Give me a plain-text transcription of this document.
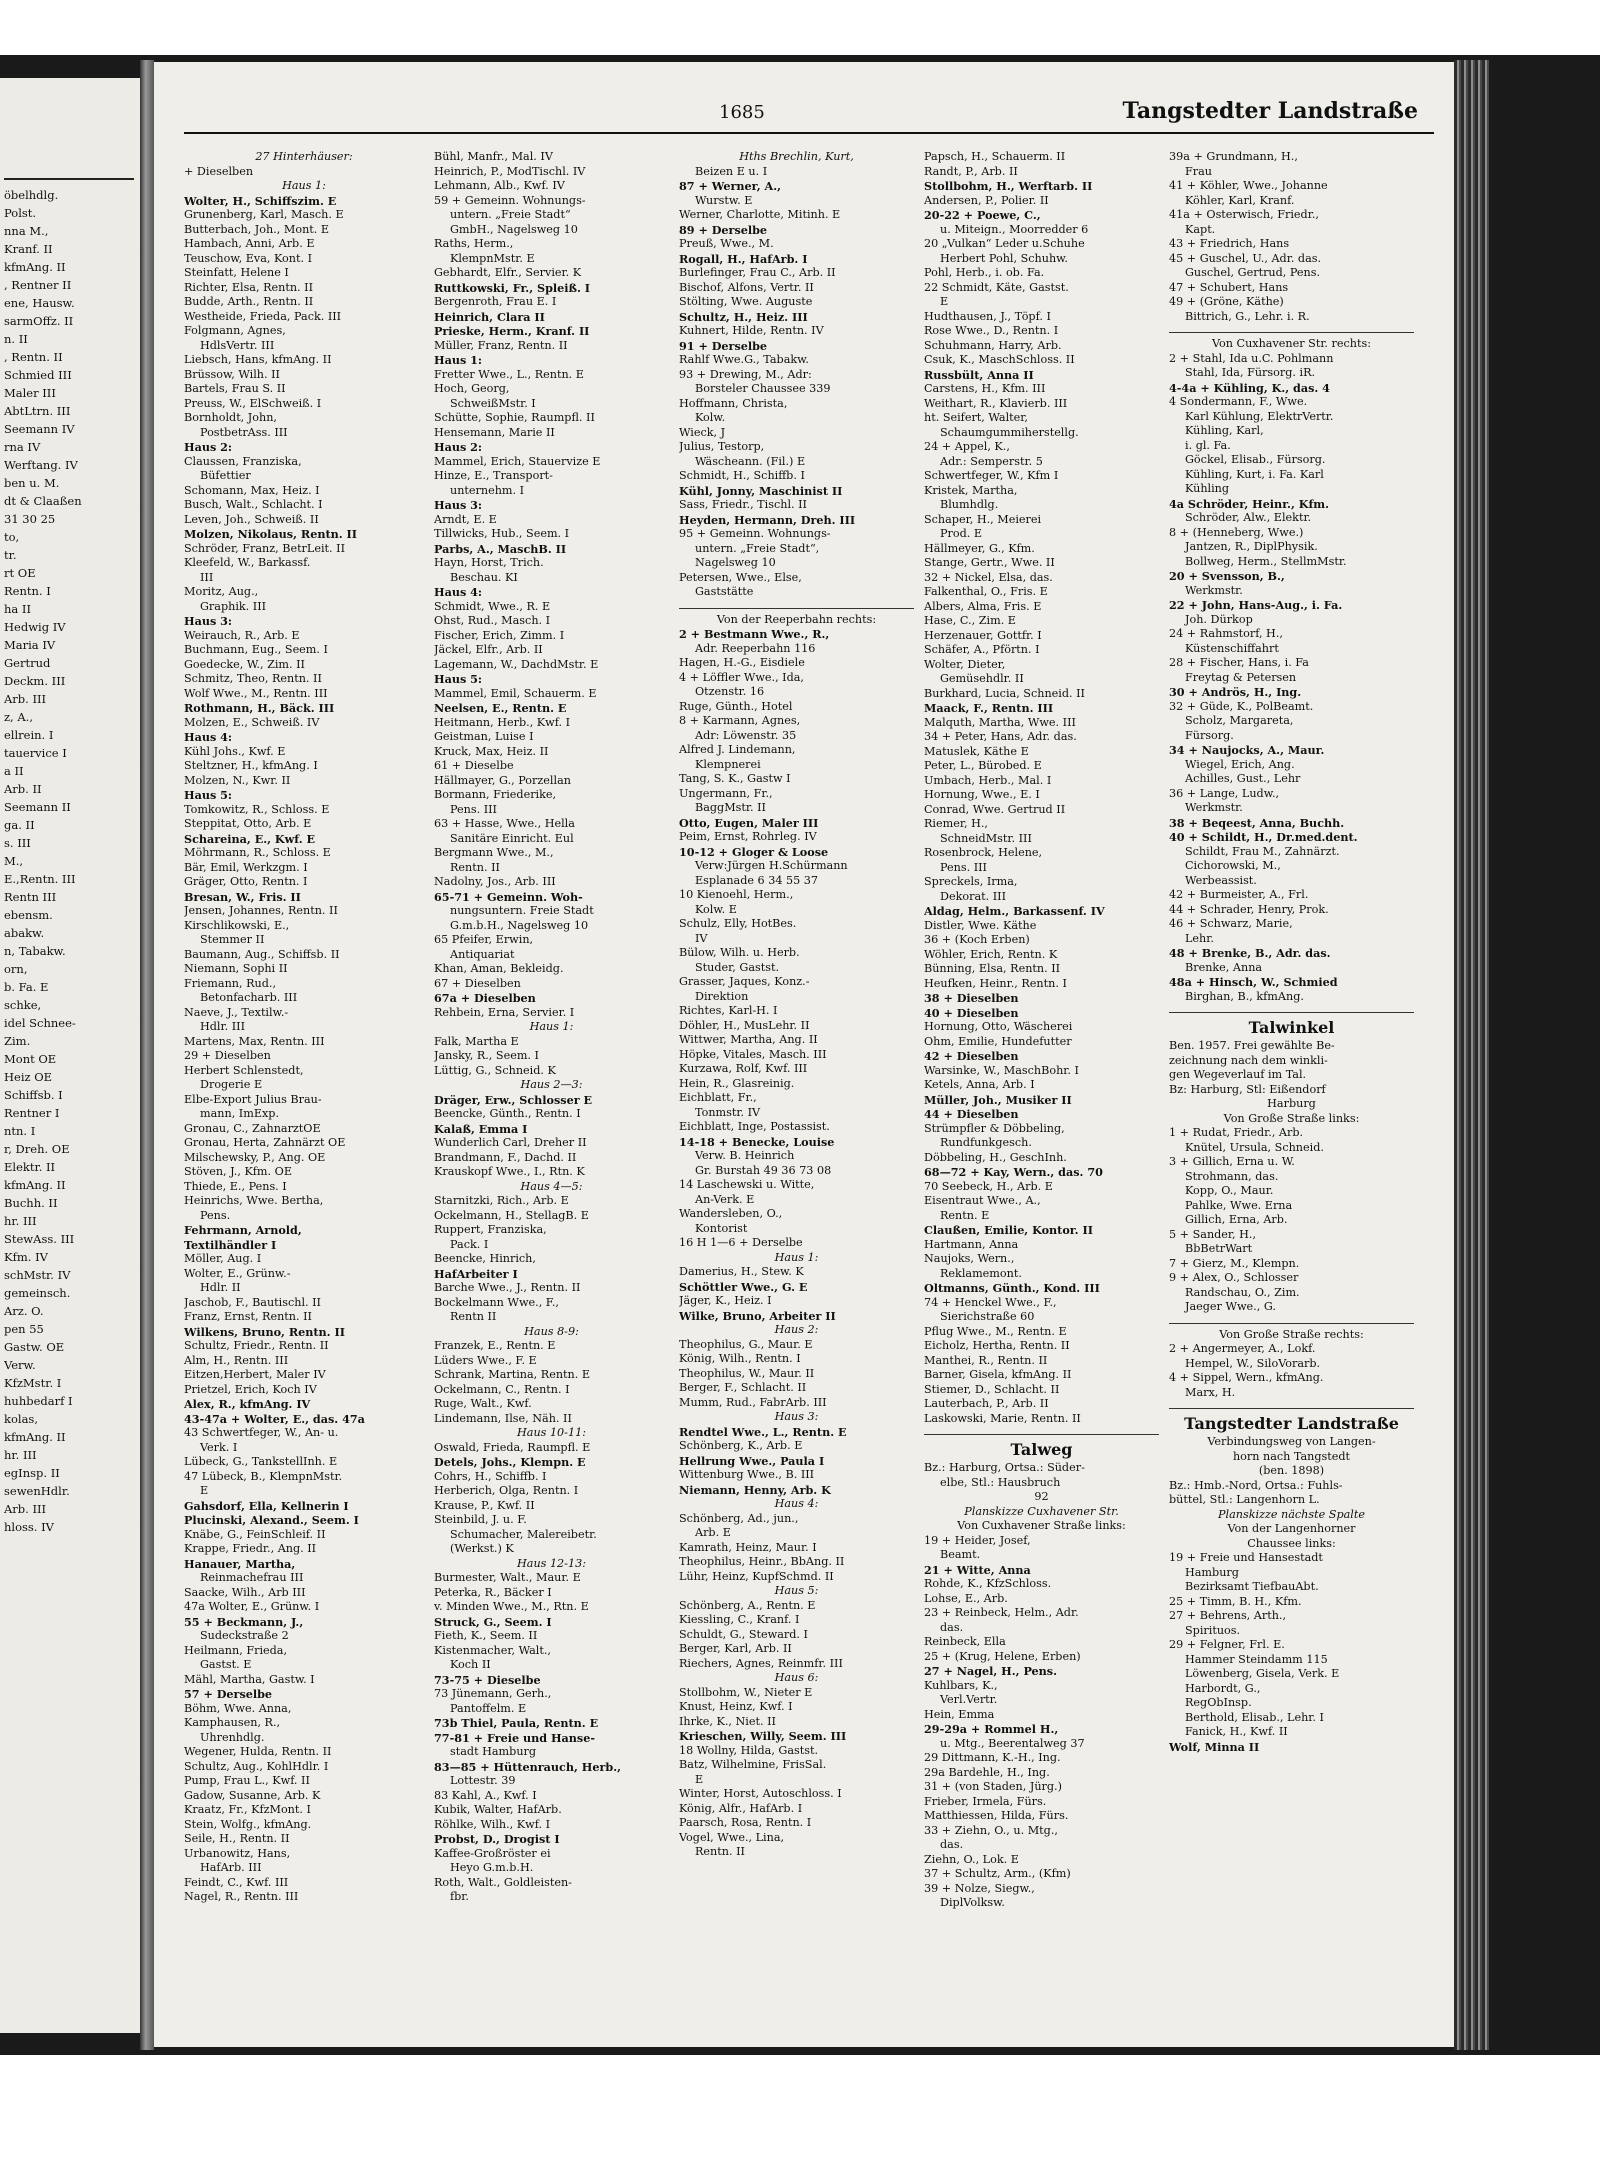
öbelhdlg.
Polst.
nna M.,
Kranf. II
kfmAng. II
, Rentner II
ene, Hausw.
sarmOffz. II
n. II
, Rentn. II
Schmied III
Maler III
AbtLtrn. III
Seemann IV
rna IV
Werftang. IV
ben u. M.
dt & Claaßen
31 30 25
to,
tr.
rt OE
Rentn. I
ha II
Hedwig IV
Maria IV
Gertrud
Deckm. III
Arb. III
z, A.,
ellrein. I
tauervice I
a II
Arb. II
Seemann II
ga. II
s. III
M.,
E.,Rentn. III
Rentn III
ebensm.
abakw.
n, Tabakw.
orn,
b. Fa. E
schke,
idel Schnee-
Zim.
Mont OE
Heiz OE
Schiffsb. I
Rentner I
ntn. I
r, Dreh. OE
Elektr. II
kfmAng. II
Buchh. II
hr. III
StewAss. III
Kfm. IV
schMstr. IV
gemeinsch.
Arz. O.
pen 55
Gastw. OE
Verw.
KfzMstr. I
huhbedarf I
kolas,
kfmAng. II
hr. III
egInsp. II
sewenHdlr.
Arb. III
hloss. IV
1685	Tangstedter Landstraße
27 Hinterhäuser:
+ Dieselben
Haus 1:
Wolter, H., Schiffszim. E
Grunenberg, Karl, Masch. E
Butterbach, Joh., Mont. E
Hambach, Anni, Arb. E
Teuschow, Eva, Kont. I
Steinfatt, Helene I
Richter, Elsa, Rentn. II
Budde, Arth., Rentn. II
Westheide, Frieda, Pack. III
Folgmann, Agnes,
HdlsVertr. III
Liebsch, Hans, kfmAng. II
Brüssow, Wilh. II
Bartels, Frau S. II
Preuss, W., ElSchweiß. I
Bornholdt, John,
PostbetrAss. III
Haus 2:
Claussen, Franziska,
Büfettier
Schomann, Max, Heiz. I
Busch, Walt., Schlacht. I
Leven, Joh., Schweiß. II
Molzen, Nikolaus, Rentn. II
Schröder, Franz, BetrLeit. II
Kleefeld, W., Barkassf.
III
Moritz, Aug.,
Graphik. III
Haus 3:
Weirauch, R., Arb. E
Buchmann, Eug., Seem. I
Goedecke, W., Zim. II
Schmitz, Theo, Rentn. II
Wolf Wwe., M., Rentn. III
Rothmann, H., Bäck. III
Molzen, E., Schweiß. IV
Haus 4:
Kühl Johs., Kwf. E
Steltzner, H., kfmAng. I
Molzen, N., Kwr. II
Haus 5:
Tomkowitz, R., Schloss. E
Steppitat, Otto, Arb. E
Schareina, E., Kwf. E
Möhrmann, R., Schloss. E
Bär, Emil, Werkzgm. I
Gräger, Otto, Rentn. I
Bresan, W., Fris. II
Jensen, Johannes, Rentn. II
Kirschlikowski, E.,
Stemmer II
Baumann, Aug., Schiffsb. II
Niemann, Sophi II
Friemann, Rud.,
Betonfacharb. III
Naeve, J., Textilw.-
Hdlr. III
Martens, Max, Rentn. III
29 + Dieselben
Herbert Schlenstedt,
Drogerie E
Elbe-Export Julius Brau-
mann, ImExp.
Gronau, C., ZahnarztOE
Gronau, Herta, Zahnärzt OE
Milschewsky, P., Ang. OE
Stöven, J., Kfm. OE
Thiede, E., Pens. I
Heinrichs, Wwe. Bertha,
Pens.
Fehrmann, Arnold,
Textilhändler I
Möller, Aug. I
Wolter, E., Grünw.-
Hdlr. II
Jaschob, F., Bautischl. II
Franz, Ernst, Rentn. II
Wilkens, Bruno, Rentn. II
Schultz, Friedr., Rentn. II
Alm, H., Rentn. III
Eitzen,Herbert, Maler IV
Prietzel, Erich, Koch IV
Alex, R., kfmAng. IV
43-47a + Wolter, E., das. 47a
43 Schwertfeger, W., An- u.
Verk. I
Lübeck, G., TankstellInh. E
47 Lübeck, B., KlempnMstr.
E
Gahsdorf, Ella, Kellnerin I
Plucinski, Alexand., Seem. I
Knäbe, G., FeinSchleif. II
Krappe, Friedr., Ang. II
Hanauer, Martha,
Reinmachefrau III
Saacke, Wilh., Arb III
47a Wolter, E., Grünw. I
55 + Beckmann, J.,
Sudeckstraße 2
Heilmann, Frieda,
Gastst. E
Mähl, Martha, Gastw. I
57 + Derselbe
Böhm, Wwe. Anna,
Kamphausen, R.,
Uhrenhdlg.
Wegener, Hulda, Rentn. II
Schultz, Aug., KohlHdlr. I
Pump, Frau L., Kwf. II
Gadow, Susanne, Arb. K
Kraatz, Fr., KfzMont. I
Stein, Wolfg., kfmAng.
Seile, H., Rentn. II
Urbanowitz, Hans,
HafArb. III
Feindt, C., Kwf. III
Nagel, R., Rentn. III
Bühl, Manfr., Mal. IV
Heinrich, P., ModTischl. IV
Lehmann, Alb., Kwf. IV
59 + Gemeinn. Wohnungs-
untern. „Freie Stadt“
GmbH., Nagelsweg 10
Raths, Herm.,
KlempnMstr. E
Gebhardt, Elfr., Servier. K
Ruttkowski, Fr., Spleiß. I
Bergenroth, Frau E. I
Heinrich, Clara II
Prieske, Herm., Kranf. II
Müller, Franz, Rentn. II
Haus 1:
Fretter Wwe., L., Rentn. E
Hoch, Georg,
SchweißMstr. I
Schütte, Sophie, Raumpfl. II
Hensemann, Marie II
Haus 2:
Mammel, Erich, Stauervize E
Hinze, E., Transport-
unternehm. I
Haus 3:
Arndt, E. E
Tillwicks, Hub., Seem. I
Parbs, A., MaschB. II
Hayn, Horst, Trich.
Beschau. KI
Haus 4:
Schmidt, Wwe., R. E
Ohst, Rud., Masch. I
Fischer, Erich, Zimm. I
Jäckel, Elfr., Arb. II
Lagemann, W., DachdMstr. E
Haus 5:
Mammel, Emil, Schauerm. E
Neelsen, E., Rentn. E
Heitmann, Herb., Kwf. I
Geistman, Luise I
Kruck, Max, Heiz. II
61 + Dieselbe
Hällmayer, G., Porzellan
Bormann, Friederike,
Pens. III
63 + Hasse, Wwe., Hella
Sanitäre Einricht. Eul
Bergmann Wwe., M.,
Rentn. II
Nadolny, Jos., Arb. III
65-71 + Gemeinn. Woh-
nungsuntern. Freie Stadt
G.m.b.H., Nagelsweg 10
65 Pfeifer, Erwin,
Antiquariat
Khan, Aman, Bekleidg.
67 + Dieselben
67a + Dieselben
Rehbein, Erna, Servier. I
Haus 1:
Falk, Martha E
Jansky, R., Seem. I
Lüttig, G., Schneid. K
Haus 2—3:
Dräger, Erw., Schlosser E
Beencke, Günth., Rentn. I
Kalaß, Emma I
Wunderlich Carl, Dreher II
Brandmann, F., Dachd. II
Krauskopf Wwe., I., Rtn. K
Haus 4—5:
Starnitzki, Rich., Arb. E
Ockelmann, H., StellagB. E
Ruppert, Franziska,
Pack. I
Beencke, Hinrich,
HafArbeiter I
Barche Wwe., J., Rentn. II
Bockelmann Wwe., F.,
Rentn II
Haus 8-9:
Franzek, E., Rentn. E
Lüders Wwe., F. E
Schrank, Martina, Rentn. E
Ockelmann, C., Rentn. I
Ruge, Walt., Kwf.
Lindemann, Ilse, Näh. II
Haus 10-11:
Oswald, Frieda, Raumpfl. E
Detels, Johs., Klempn. E
Cohrs, H., Schiffb. I
Herberich, Olga, Rentn. I
Krause, P., Kwf. II
Steinbild, J. u. F.
Schumacher, Malereibetr.
(Werkst.) K
Haus 12-13:
Burmester, Walt., Maur. E
Peterka, R., Bäcker I
v. Minden Wwe., M., Rtn. E
Struck, G., Seem. I
Fieth, K., Seem. II
Kistenmacher, Walt.,
Koch II
73-75 + Dieselbe
73 Jünemann, Gerh.,
Pantoffelm. E
73b Thiel, Paula, Rentn. E
77-81 + Freie und Hanse-
stadt Hamburg
83—85 + Hüttenrauch, Herb.,
Lottestr. 39
83 Kahl, A., Kwf. I
Kubik, Walter, HafArb.
Röhlke, Wilh., Kwf. I
Probst, D., Drogist I
Kaffee-Großröster ei
Heyo G.m.b.H.
Roth, Walt., Goldleisten-
fbr.
Hths Brechlin, Kurt,
Beizen E u. I
87 + Werner, A.,
Wurstw. E
Werner, Charlotte, Mitinh. E
89 + Derselbe
Preuß, Wwe., M.
Rogall, H., HafArb. I
Burlefinger, Frau C., Arb. II
Bischof, Alfons, Vertr. II
Stölting, Wwe. Auguste
Schultz, H., Heiz. III
Kuhnert, Hilde, Rentn. IV
91 + Derselbe
Rahlf Wwe.G., Tabakw.
93 + Drewing, M., Adr:
Borsteler Chaussee 339
Hoffmann, Christa,
Kolw.
Wieck, J
Julius, Testorp,
Wäscheann. (Fil.) E
Schmidt, H., Schiffb. I
Kühl, Jonny, Maschinist II
Sass, Friedr., Tischl. II
Heyden, Hermann, Dreh. III
95 + Gemeinn. Wohnungs-
untern. „Freie Stadt“,
Nagelsweg 10
Petersen, Wwe., Else,
Gaststätte
Von der Reeperbahn rechts:
2 + Bestmann Wwe., R.,
Adr. Reeperbahn 116
Hagen, H.-G., Eisdiele
4 + Löffler Wwe., Ida,
Otzenstr. 16
Ruge, Günth., Hotel
8 + Karmann, Agnes,
Adr: Löwenstr. 35
Alfred J. Lindemann,
Klempnerei
Tang, S. K., Gastw I
Ungermann, Fr.,
BaggMstr. II
Otto, Eugen, Maler III
Peim, Ernst, Rohrleg. IV
10-12 + Gloger & Loose
Verw:Jürgen H.Schürmann
Esplanade 6 34 55 37
10 Kienoehl, Herm.,
Kolw. E
Schulz, Elly, HotBes.
IV
Bülow, Wilh. u. Herb.
Studer, Gastst.
Grasser, Jaques, Konz.-
Direktion
Richtes, Karl-H. I
Döhler, H., MusLehr. II
Wittwer, Martha, Ang. II
Höpke, Vitales, Masch. III
Kurzawa, Rolf, Kwf. III
Hein, R., Glasreinig.
Eichblatt, Fr.,
Tonmstr. IV
Eichblatt, Inge, Postassist.
14-18 + Benecke, Louise
Verw. B. Heinrich
Gr. Burstah 49 36 73 08
14 Laschewski u. Witte,
An-Verk. E
Wandersleben, O.,
Kontorist
16 H 1—6 + Derselbe
Haus 1:
Damerius, H., Stew. K
Schöttler Wwe., G. E
Jäger, K., Heiz. I
Wilke, Bruno, Arbeiter II
Haus 2:
Theophilus, G., Maur. E
König, Wilh., Rentn. I
Theophilus, W., Maur. II
Berger, F., Schlacht. II
Mumm, Rud., FabrArb. III
Haus 3:
Rendtel Wwe., L., Rentn. E
Schönberg, K., Arb. E
Hellrung Wwe., Paula I
Wittenburg Wwe., B. III
Niemann, Henny, Arb. K
Haus 4:
Schönberg, Ad., jun.,
Arb. E
Kamrath, Heinz, Maur. I
Theophilus, Heinr., BbAng. II
Lühr, Heinz, KupfSchmd. II
Haus 5:
Schönberg, A., Rentn. E
Kiessling, C., Kranf. I
Schuldt, G., Steward. I
Berger, Karl, Arb. II
Riechers, Agnes, Reinmfr. III
Haus 6:
Stollbohm, W., Nieter E
Knust, Heinz, Kwf. I
Ihrke, K., Niet. II
Krieschen, Willy, Seem. III
18 Wollny, Hilda, Gastst.
Batz, Wilhelmine, FrisSal.
E
Winter, Horst, Autoschloss. I
König, Alfr., HafArb. I
Paarsch, Rosa, Rentn. I
Vogel, Wwe., Lina,
Rentn. II
Papsch, H., Schauerm. II
Randt, P., Arb. II
Stollbohm, H., Werftarb. II
Andersen, P., Polier. II
20-22 + Poewe, C.,
u. Miteign., Moorredder 6
20 „Vulkan“ Leder u.Schuhe
Herbert Pohl, Schuhw.
Pohl, Herb., i. ob. Fa.
22 Schmidt, Käte, Gastst.
E
Hudthausen, J., Töpf. I
Rose Wwe., D., Rentn. I
Schuhmann, Harry, Arb.
Csuk, K., MaschSchloss. II
Russbült, Anna II
Carstens, H., Kfm. III
Weithart, R., Klavierb. III
ht. Seifert, Walter,
Schaumgummiherstellg.
24 + Appel, K.,
Adr.: Semperstr. 5
Schwertfeger, W., Kfm I
Kristek, Martha,
Blumhdlg.
Schaper, H., Meierei
Prod. E
Hällmeyer, G., Kfm.
Stange, Gertr., Wwe. II
32 + Nickel, Elsa, das.
Falkenthal, O., Fris. E
Albers, Alma, Fris. E
Hase, C., Zim. E
Herzenauer, Gottfr. I
Schäfer, A., Pförtn. I
Wolter, Dieter,
Gemüsehdlr. II
Burkhard, Lucia, Schneid. II
Maack, F., Rentn. III
Malquth, Martha, Wwe. III
34 + Peter, Hans, Adr. das.
Matuslek, Käthe E
Peter, L., Bürobed. E
Umbach, Herb., Mal. I
Hornung, Wwe., E. I
Conrad, Wwe. Gertrud II
Riemer, H.,
SchneidMstr. III
Rosenbrock, Helene,
Pens. III
Spreckels, Irma,
Dekorat. III
Aldag, Helm., Barkassenf. IV
Distler, Wwe. Käthe
36 + (Koch Erben)
Wöhler, Erich, Rentn. K
Bünning, Elsa, Rentn. II
Heufken, Heinr., Rentn. I
38 + Dieselben
40 + Dieselben
Hornung, Otto, Wäscherei
Ohm, Emilie, Hundefutter
42 + Dieselben
Warsinke, W., MaschBohr. I
Ketels, Anna, Arb. I
Müller, Joh., Musiker II
44 + Dieselben
Strümpfler & Döbbeling,
Rundfunkgesch.
Döbbeling, H., GeschInh.
68—72 + Kay, Wern., das. 70
70 Seebeck, H., Arb. E
Eisentraut Wwe., A.,
Rentn. E
Claußen, Emilie, Kontor. II
Hartmann, Anna
Naujoks, Wern.,
Reklamemont.
Oltmanns, Günth., Kond. III
74 + Henckel Wwe., F.,
Sierichstraße 60
Pflug Wwe., M., Rentn. E
Eicholz, Hertha, Rentn. II
Manthei, R., Rentn. II
Barner, Gisela, kfmAng. II
Stiemer, D., Schlacht. II
Lauterbach, P., Arb. II
Laskowski, Marie, Rentn. II
Talweg
Bz.: Harburg, Ortsa.: Süder-
elbe, Stl.: Hausbruch
92
Planskizze Cuxhavener Str.
Von Cuxhavener Straße links:
19 + Heider, Josef,
Beamt.
21 + Witte, Anna
Rohde, K., KfzSchloss.
Lohse, E., Arb.
23 + Reinbeck, Helm., Adr.
das.
Reinbeck, Ella
25 + (Krug, Helene, Erben)
27 + Nagel, H., Pens.
Kuhlbars, K.,
Verl.Vertr.
Hein, Emma
29-29a + Rommel H.,
u. Mtg., Beerentalweg 37
29 Dittmann, K.-H., Ing.
29a Bardehle, H., Ing.
31 + (von Staden, Jürg.)
Frieber, Irmela, Fürs.
Matthiessen, Hilda, Fürs.
33 + Ziehn, O., u. Mtg.,
das.
Ziehn, O., Lok. E
37 + Schultz, Arm., (Kfm)
39 + Nolze, Siegw.,
DiplVolksw.
39a + Grundmann, H.,
Frau
41 + Köhler, Wwe., Johanne
Köhler, Karl, Kranf.
41a + Osterwisch, Friedr.,
Kapt.
43 + Friedrich, Hans
45 + Guschel, U., Adr. das.
Guschel, Gertrud, Pens.
47 + Schubert, Hans
49 + (Gröne, Käthe)
Bittrich, G., Lehr. i. R.
Von Cuxhavener Str. rechts:
2 + Stahl, Ida u.C. Pohlmann
Stahl, Ida, Fürsorg. iR.
4-4a + Kühling, K., das. 4
4 Sondermann, F., Wwe.
Karl Kühlung, ElektrVertr.
Kühling, Karl,
i. gl. Fa.
Göckel, Elisab., Fürsorg.
Kühling, Kurt, i. Fa. Karl
Kühling
4a Schröder, Heinr., Kfm.
Schröder, Alw., Elektr.
8 + (Henneberg, Wwe.)
Jantzen, R., DiplPhysik.
Bollweg, Herm., StellmMstr.
20 + Svensson, B.,
Werkmstr.
22 + John, Hans-Aug., i. Fa.
Joh. Dürkop
24 + Rahmstorf, H.,
Küstenschiffahrt
28 + Fischer, Hans, i. Fa
Freytag & Petersen
30 + Andrös, H., Ing.
32 + Güde, K., PolBeamt.
Scholz, Margareta,
Fürsorg.
34 + Naujocks, A., Maur.
Wiegel, Erich, Ang.
Achilles, Gust., Lehr
36 + Lange, Ludw.,
Werkmstr.
38 + Beqeest, Anna, Buchh.
40 + Schildt, H., Dr.med.dent.
Schildt, Frau M., Zahnärzt.
Cichorowski, M.,
Werbeassist.
42 + Burmeister, A., Frl.
44 + Schrader, Henry, Prok.
46 + Schwarz, Marie,
Lehr.
48 + Brenke, B., Adr. das.
Brenke, Anna
48a + Hinsch, W., Schmied
Birghan, B., kfmAng.
Talwinkel
Ben. 1957. Frei gewählte Be-
zeichnung nach dem winkli-
gen Wegeverlauf im Tal.
Bz: Harburg, Stl: Eißendorf
Harburg
Von Große Straße links:
1 + Rudat, Friedr., Arb.
Knütel, Ursula, Schneid.
3 + Gillich, Erna u. W.
Strohmann, das.
Kopp, O., Maur.
Pahlke, Wwe. Erna
Gillich, Erna, Arb.
5 + Sander, H.,
BbBetrWart
7 + Gierz, M., Klempn.
9 + Alex, O., Schlosser
Randschau, O., Zim.
Jaeger Wwe., G.
Von Große Straße rechts:
2 + Angermeyer, A., Lokf.
Hempel, W., SiloVorarb.
4 + Sippel, Wern., kfmAng.
Marx, H.
Tangstedter Landstraße
Verbindungsweg von Langen-
horn nach Tangstedt
(ben. 1898)
Bz.: Hmb.-Nord, Ortsa.: Fuhls-
büttel, Stl.: Langenhorn L.
Planskizze nächste Spalte
Von der Langenhorner
Chaussee links:
19 + Freie und Hansestadt
Hamburg
Bezirksamt TiefbauAbt.
25 + Timm, B. H., Kfm.
27 + Behrens, Arth.,
Spirituos.
29 + Felgner, Frl. E.
Hammer Steindamm 115
Löwenberg, Gisela, Verk. E
Harbordt, G.,
RegObInsp.
Berthold, Elisab., Lehr. I
Fanick, H., Kwf. II
Wolf, Minna II
